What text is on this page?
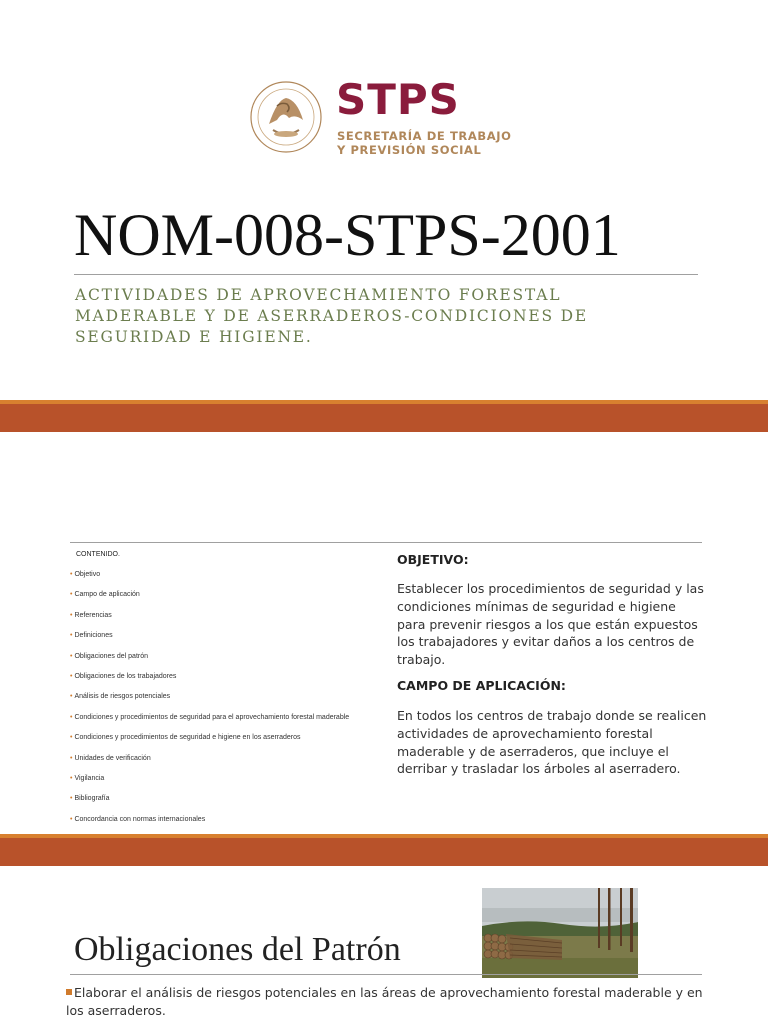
STPS
SECRETARÍA DE TRABAJO
Y PREVISIÓN SOCIAL
NOM-008-STPS-2001
ACTIVIDADES DE APROVECHAMIENTO FORESTAL MADERABLE Y DE ASERRADEROS-CONDICIONES DE SEGURIDAD E HIGIENE.
CONTENIDO.
• Objetivo
• Campo de aplicación
• Referencias
• Definiciones
• Obligaciones del patrón
• Obligaciones de los trabajadores
• Análisis de riesgos potenciales
• Condiciones y procedimientos de seguridad para el aprovechamiento forestal maderable
• Condiciones y procedimientos de seguridad e higiene en los aserraderos
• Unidades de verificación
• Vigilancia
• Bibliografía
• Concordancia con normas internacionales
OBJETIVO:
Establecer los procedimientos de seguridad y las condiciones mínimas de seguridad e higiene para prevenir riesgos a los que están expuestos los trabajadores y evitar daños a los centros de trabajo.
CAMPO DE APLICACIÓN:
En todos los centros de trabajo donde se realicen actividades de aprovechamiento forestal maderable y de aserraderos, que incluye el derribar y trasladar los árboles al aserradero.
Obligaciones del Patrón
Elaborar el análisis de riesgos potenciales en las áreas de aprovechamiento forestal maderable y en los aserraderos.
